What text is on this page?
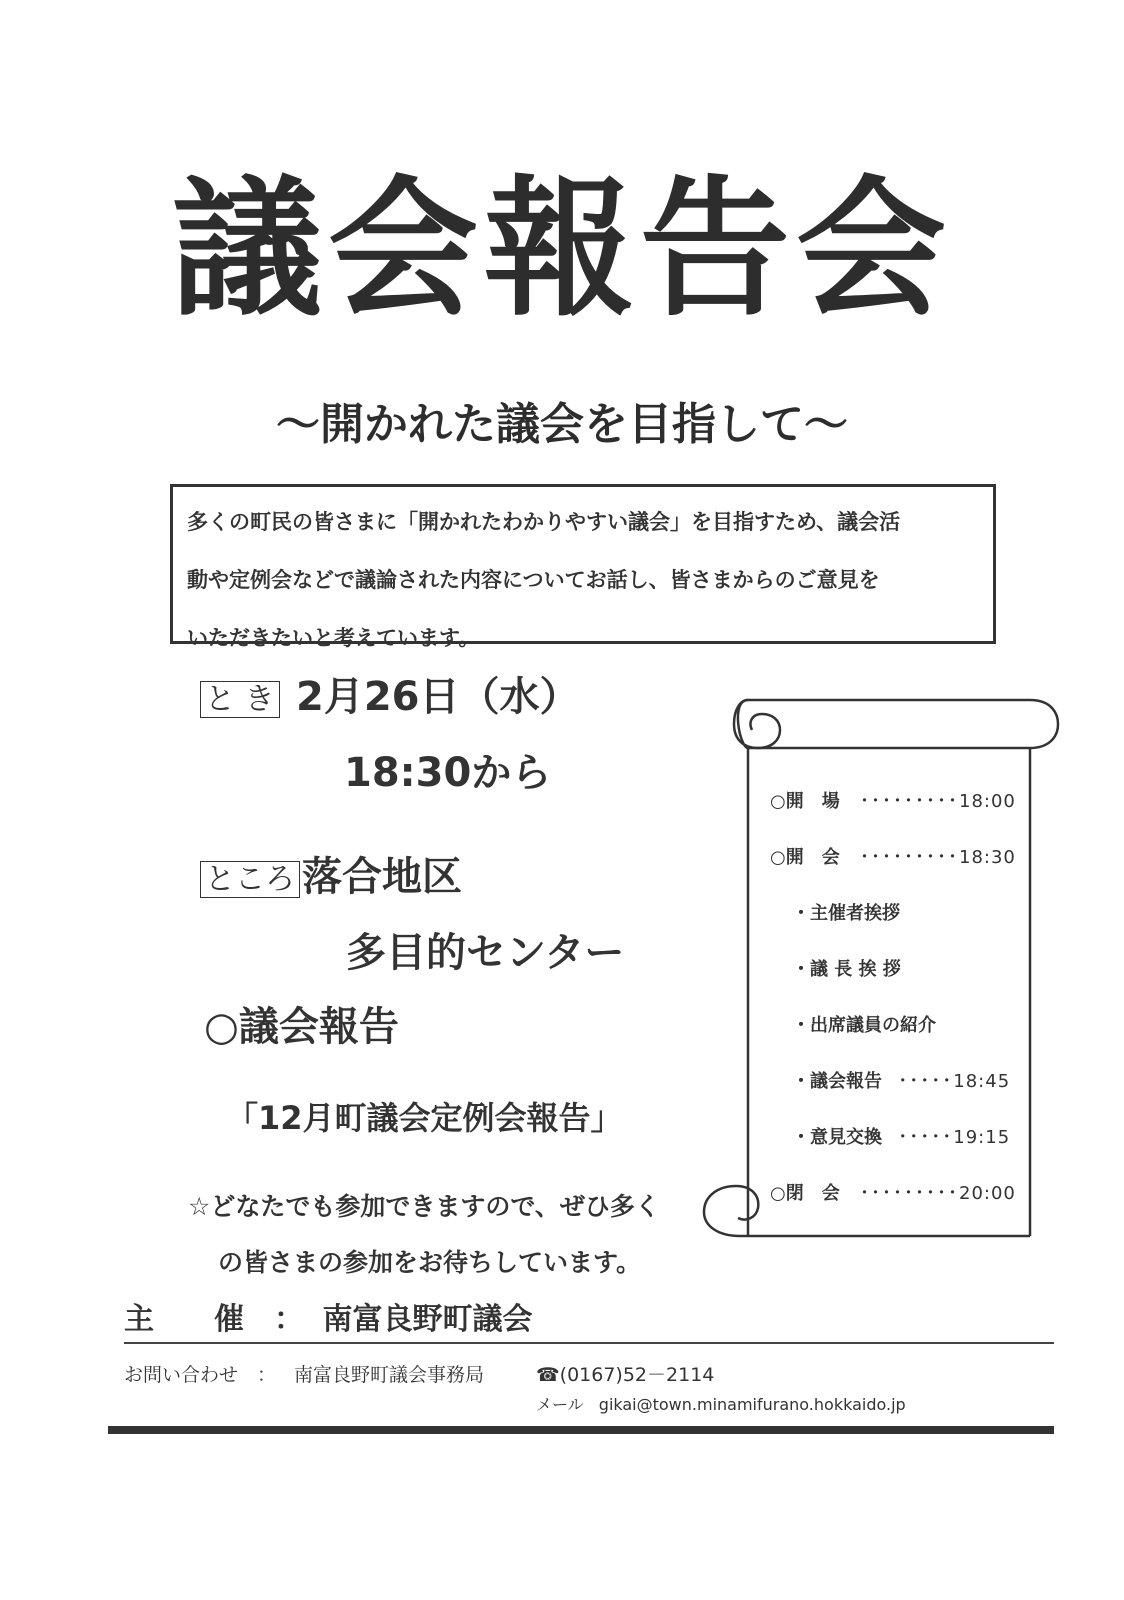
議会報告会
～開かれた議会を目指して～

多くの町民の皆さまに「開かれたわかりやすい議会」を目指すため、議会活

動や定例会などで議論された内容についてお話し、皆さまからのご意見を

いただきたいと考えています。

と き 2月26日（水）
18:30から
ところ 落合地区
多目的センター
○議会報告
「12月町議会定例会報告」
☆どなたでも参加できますので、ぜひ多く
の皆さまの参加をお待ちしています。
主　　催　： 南富良野町議会
お問い合わせ　： 南富良野町議会事務局	☎(0167)52－2114
メール gikai@town.minamifurano.hokkaido.jp
○開　場 ･････････18:00
○開　会 ･････････18:30
・主催者挨拶
・議 長 挨 拶
・出席議員の紹介
・議会報告 ･････18:45
・意見交換 ･････19:15
○閉　会 ･････････20:00
